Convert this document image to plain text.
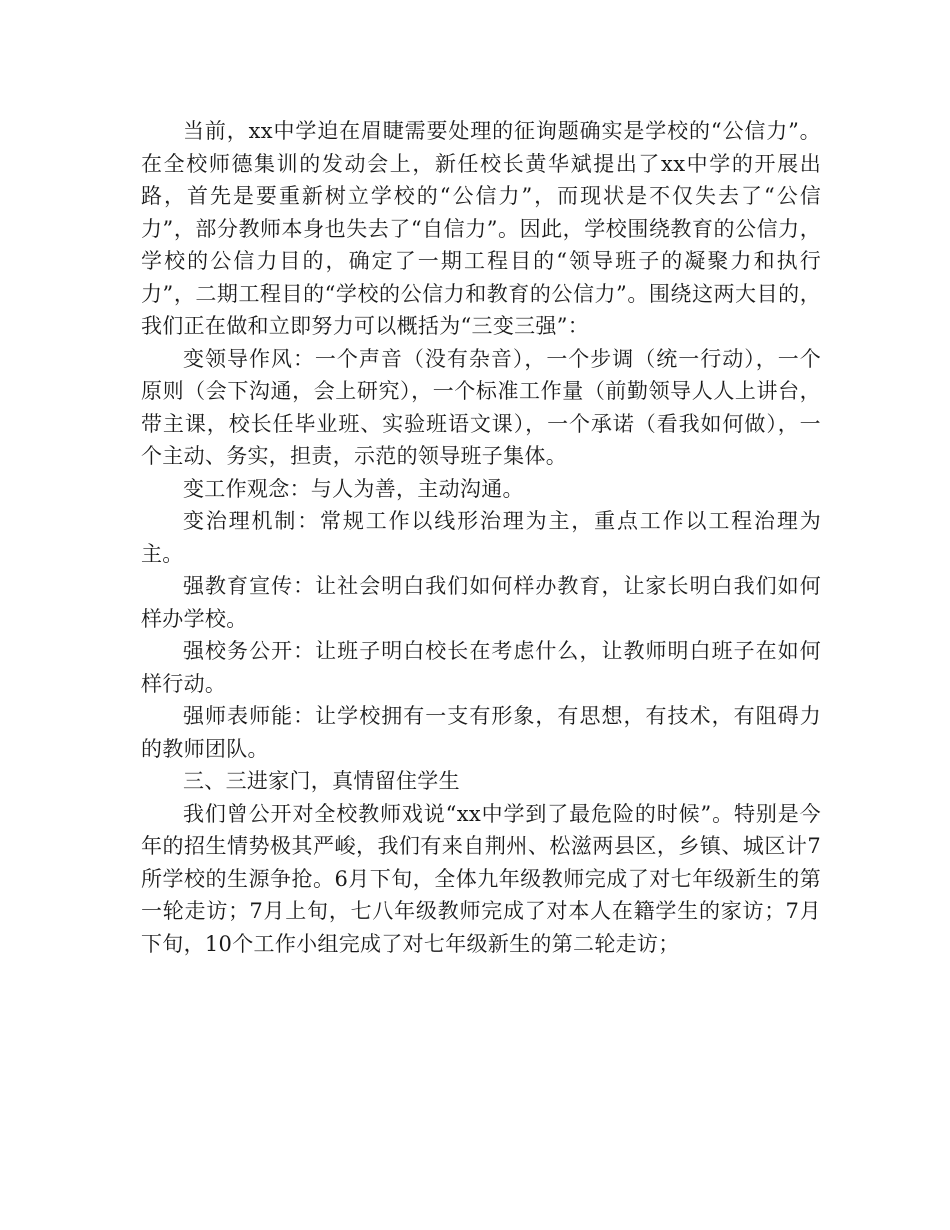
当前，xx中学迫在眉睫需要处理的征询题确实是学校的“公信力”。在全校师德集训的发动会上，新任校长黄华斌提出了xx中学的开展出路，首先是要重新树立学校的“公信力”，而现状是不仅失去了“公信力”，部分教师本身也失去了“自信力”。因此，学校围绕教育的公信力，学校的公信力目的，确定了一期工程目的“领导班子的凝聚力和执行力”，二期工程目的“学校的公信力和教育的公信力”。围绕这两大目的，我们正在做和立即努力可以概括为“三变三强”：

变领导作风：一个声音（没有杂音），一个步调（统一行动），一个原则（会下沟通，会上研究），一个标准工作量（前勤领导人人上讲台，带主课，校长任毕业班、实验班语文课），一个承诺（看我如何做），一个主动、务实，担责，示范的领导班子集体。

变工作观念：与人为善，主动沟通。

变治理机制：常规工作以线形治理为主，重点工作以工程治理为主。

强教育宣传：让社会明白我们如何样办教育，让家长明白我们如何样办学校。

强校务公开：让班子明白校长在考虑什么，让教师明白班子在如何样行动。

强师表师能：让学校拥有一支有形象，有思想，有技术，有阻碍力的教师团队。

三、三进家门，真情留住学生

我们曾公开对全校教师戏说“xx中学到了最危险的时候”。特别是今年的招生情势极其严峻，我们有来自荆州、松滋两县区，乡镇、城区计7所学校的生源争抢。6月下旬，全体九年级教师完成了对七年级新生的第一轮走访；7月上旬，七八年级教师完成了对本人在籍学生的家访；7月下旬，10个工作小组完成了对七年级新生的第二轮走访；
